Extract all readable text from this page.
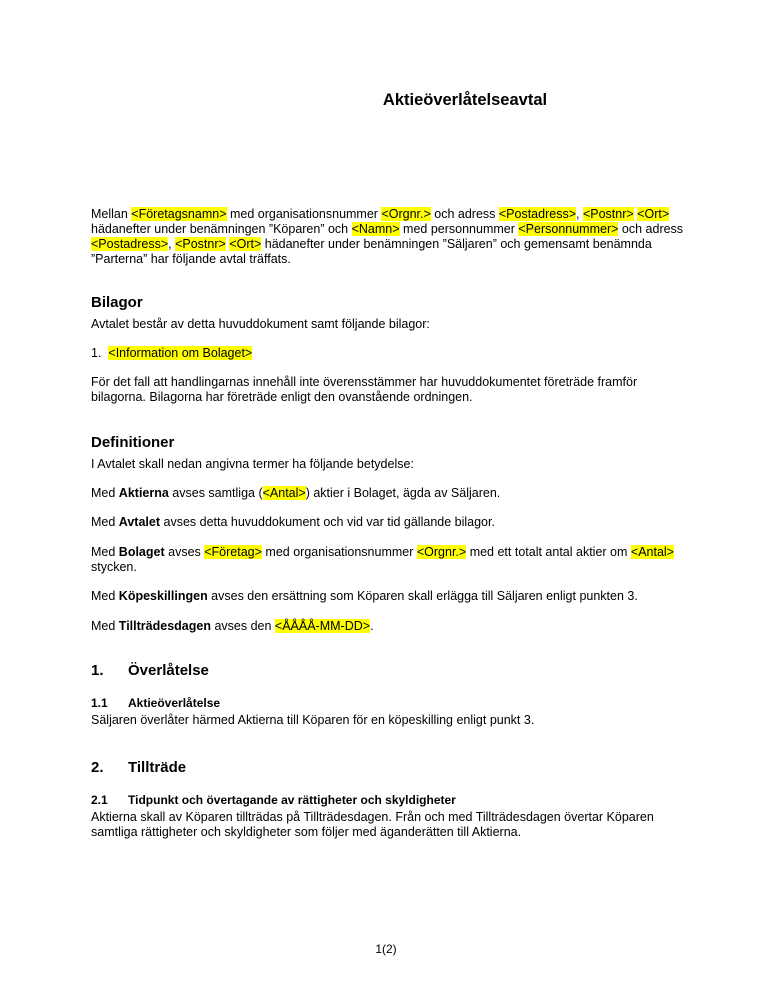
Aktieöverlåtelseavtal
Mellan <Företagsnamn> med organisationsnummer <Orgnr.> och adress <Postadress>, <Postnr> <Ort> hädanefter under benämningen ”Köparen” och <Namn> med personnummer <Personnummer> och adress <Postadress>, <Postnr> <Ort> hädanefter under benämningen ”Säljaren” och gemensamt benämnda ”Parterna” har följande avtal träffats.
Bilagor
Avtalet består av detta huvuddokument samt följande bilagor:
1. <Information om Bolaget>
För det fall att handlingarnas innehåll inte överensstämmer har huvuddokumentet företräde framför bilagorna. Bilagorna har företräde enligt den ovanstående ordningen.
Definitioner
I Avtalet skall nedan angivna termer ha följande betydelse:
Med Aktierna avses samtliga (<Antal>) aktier i Bolaget, ägda av Säljaren.
Med Avtalet avses detta huvuddokument och vid var tid gällande bilagor.
Med Bolaget avses <Företag> med organisationsnummer <Orgnr.> med ett totalt antal aktier om <Antal> stycken.
Med Köpeskillingen avses den ersättning som Köparen skall erlägga till Säljaren enligt punkten 3.
Med Tillträdesdagen avses den <ÅÅÅÅ-MM-DD>.
1. Överlåtelse
1.1 Aktieöverlåtelse
Säljaren överlåter härmed Aktierna till Köparen för en köpeskilling enligt punkt 3.
2. Tillträde
2.1 Tidpunkt och övertagande av rättigheter och skyldigheter
Aktierna skall av Köparen tillträdas på Tillträdesdagen. Från och med Tillträdesdagen övertar Köparen samtliga rättigheter och skyldigheter som följer med äganderätten till Aktierna.
1(2)
